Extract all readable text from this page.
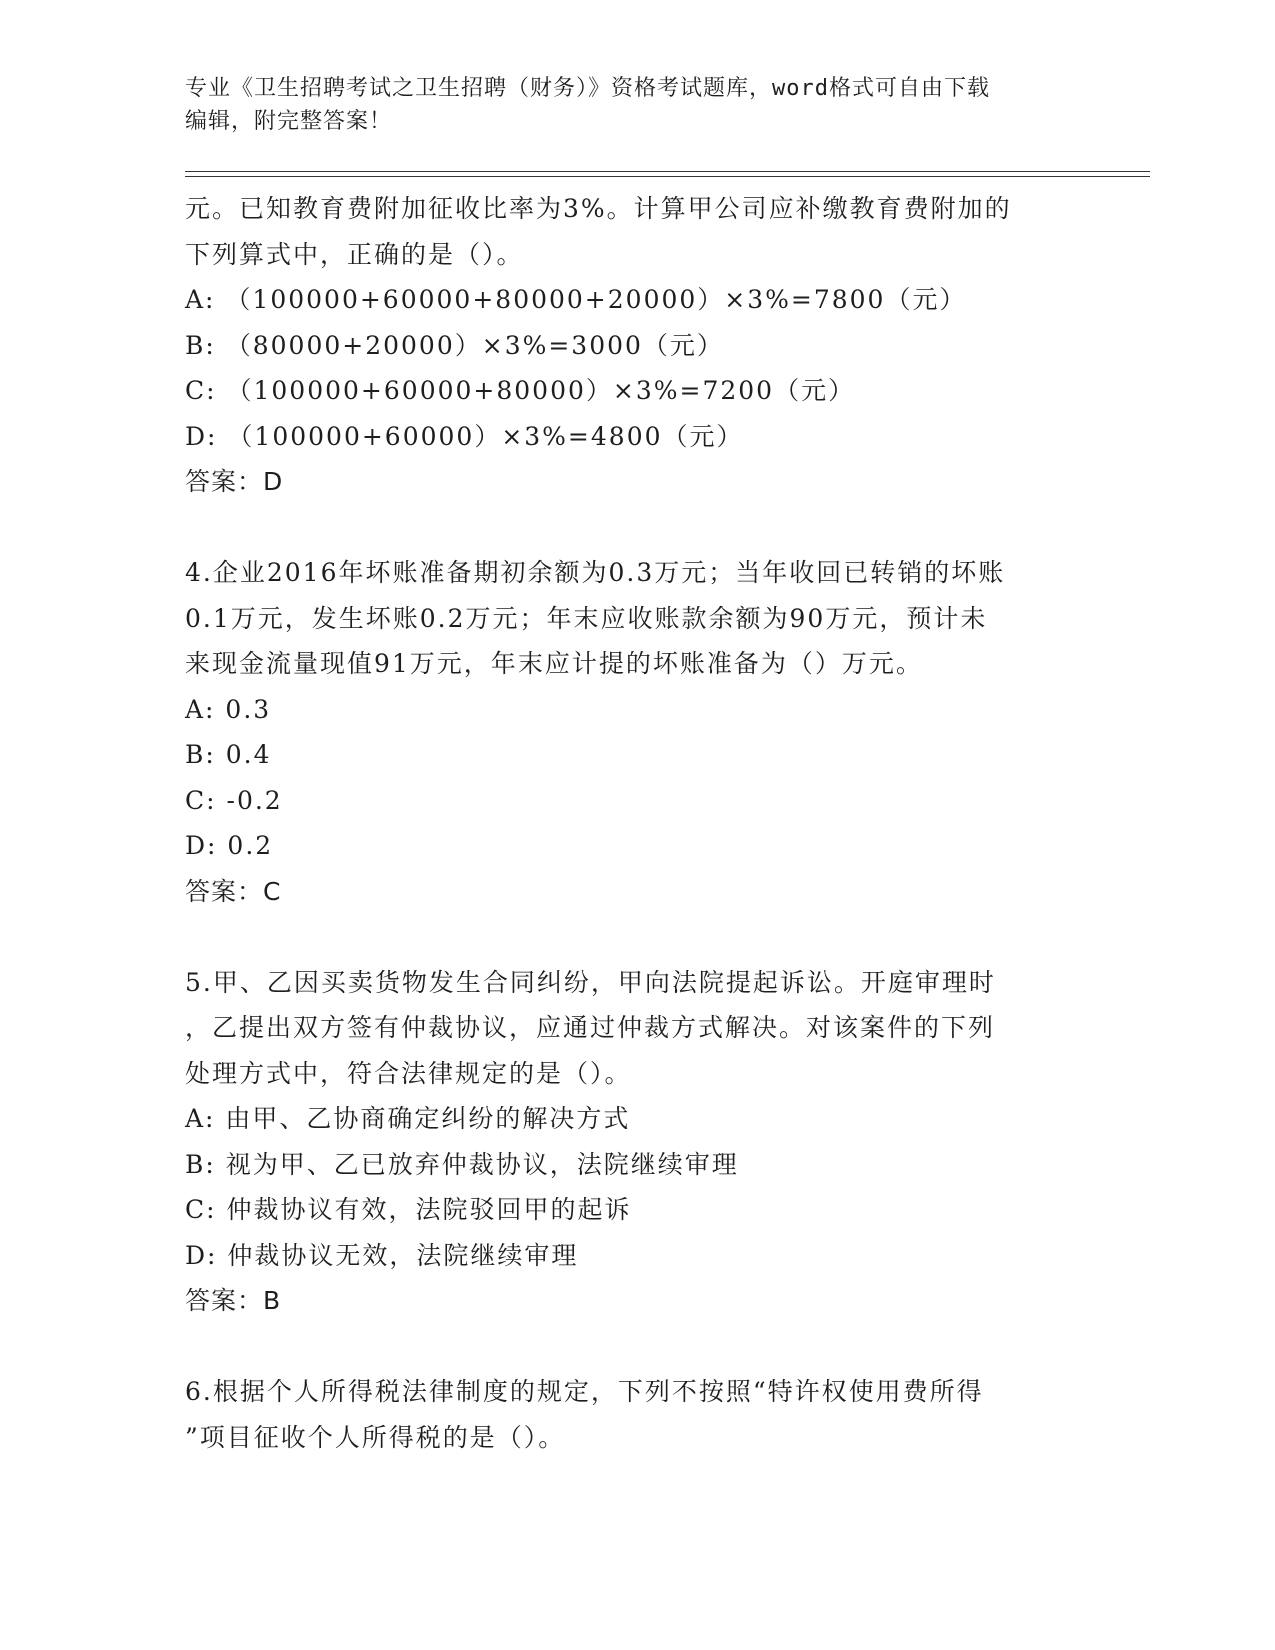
专业《卫生招聘考试之卫生招聘（财务）》资格考试题库，word格式可自由下载
编辑，附完整答案！
元。已知教育费附加征收比率为3%。计算甲公司应补缴教育费附加的
下列算式中，正确的是（）。
A: （100000+60000+80000+20000）×3%=7800（元）
B: （80000+20000）×3%=3000（元）
C: （100000+60000+80000）×3%=7200（元）
D: （100000+60000）×3%=4800（元）
答案：D
4.企业2016年坏账准备期初余额为0.3万元；当年收回已转销的坏账
0.1万元，发生坏账0.2万元；年末应收账款余额为90万元，预计未
来现金流量现值91万元，年末应计提的坏账准备为（）万元。
A: 0.3
B: 0.4
C: -0.2
D: 0.2
答案：C
5.甲、乙因买卖货物发生合同纠纷，甲向法院提起诉讼。开庭审理时
，乙提出双方签有仲裁协议，应通过仲裁方式解决。对该案件的下列
处理方式中，符合法律规定的是（）。
A: 由甲、乙协商确定纠纷的解决方式
B: 视为甲、乙已放弃仲裁协议，法院继续审理
C: 仲裁协议有效，法院驳回甲的起诉
D: 仲裁协议无效，法院继续审理
答案：B
6.根据个人所得税法律制度的规定，下列不按照“特许权使用费所得
”项目征收个人所得税的是（）。
